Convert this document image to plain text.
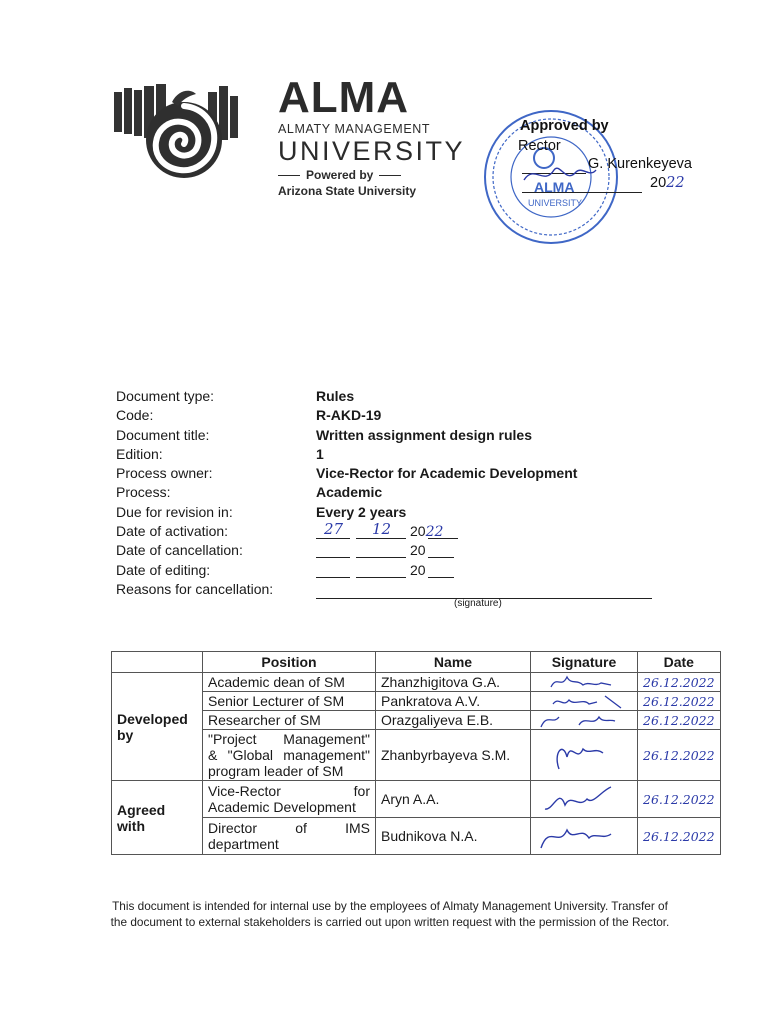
ALMA
ALMATY MANAGEMENT
UNIVERSITY
Powered by
Arizona State University	ALMA
UNIVERSITY
Approved by
Rector
G. Kurenkeyeva
2022
Document type:	Rules
Code:	R-AKD-19
Document title:	Written assignment design rules
Edition:	1
Process owner:	Vice-Rector for Academic Development
Process:	Academic
Due for revision in:	Every 2 years
Date of activation:	27 12 2022
Date of cancellation:	20
Date of editing:	20
Reasons for cancellation:
(signature)
	Position	Name	Signature	Date
Developed by	Academic dean of SM	Zhanzhigitova G.A.		26.12.2022
	Senior Lecturer of SM	Pankratova A.V.		26.12.2022
	Researcher of SM	Orazgaliyeva E.B.		26.12.2022

	"Project Management"
& "Global management"
program leader of SM	Zhanbyrbayeva S.M.		26.12.2022
Agreed with	Vice-Rector for
Academic Development	Aryn A.A.		26.12.2022

	Director of IMS
department	Budnikova N.A.		26.12.2022
This document is intended for internal use by the employees of Almaty Management University. Transfer of the document to external stakeholders is carried out upon written request with the permission of the Rector.
